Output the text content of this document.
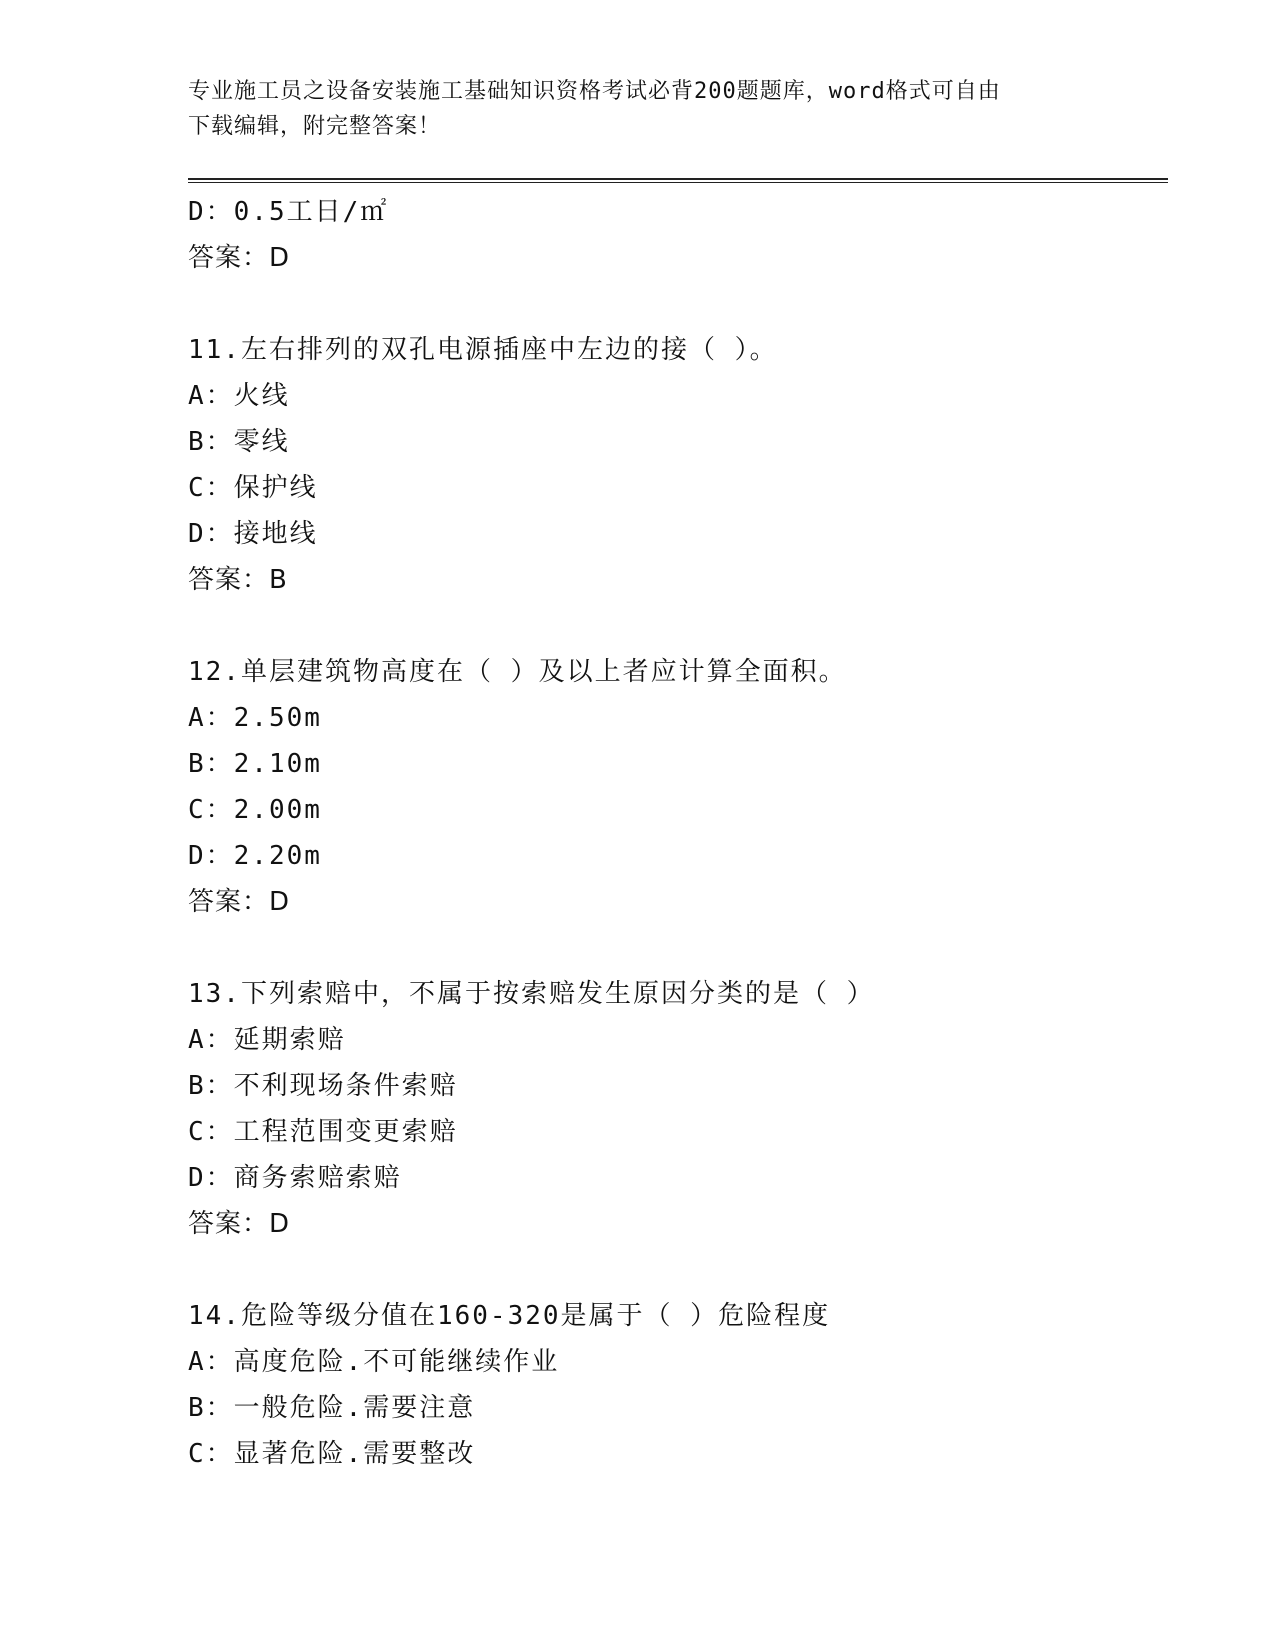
专业施工员之设备安装施工基础知识资格考试必背200题题库，word格式可自由
下载编辑，附完整答案！
D：0.5工日/㎡
答案：D
11.左右排列的双孔电源插座中左边的接（ ）。
A：火线
B：零线
C：保护线
D：接地线
答案：B
12.单层建筑物高度在（ ）及以上者应计算全面积。
A：2.50m
B：2.10m
C：2.00m
D：2.20m
答案：D
13.下列索赔中，不属于按索赔发生原因分类的是（ ）
A：延期索赔
B：不利现场条件索赔
C：工程范围变更索赔
D：商务索赔索赔
答案：D
14.危险等级分值在160-320是属于（ ）危险程度
A：高度危险.不可能继续作业
B：一般危险.需要注意
C：显著危险.需要整改
